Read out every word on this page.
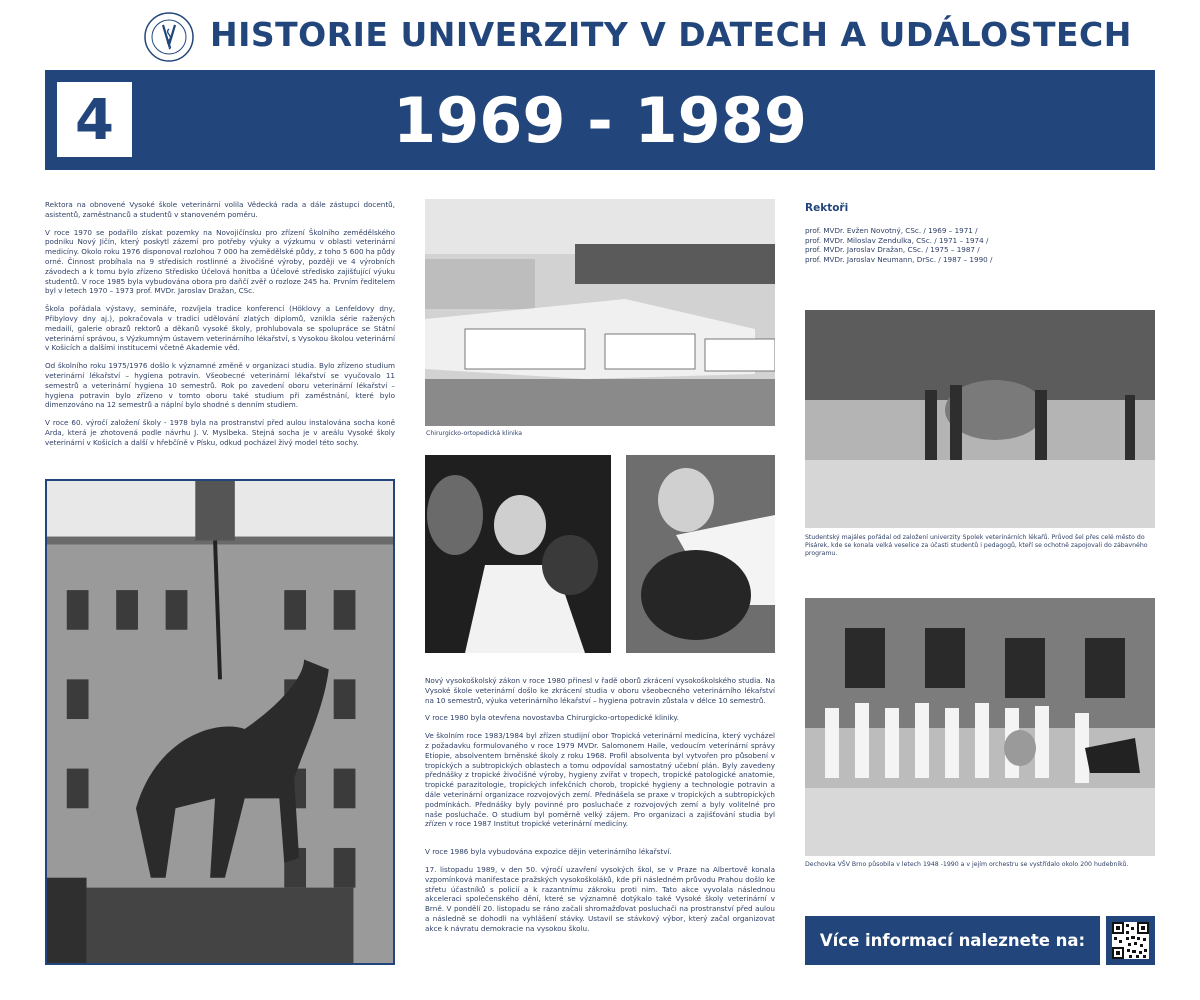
HISTORIE UNIVERZITY V DATECH A UDÁLOSTECH
4	1969 - 1989

Rektora na obnovené Vysoké škole veterinární volila Vědecká rada a dále zástupci docentů, asistentů, zaměstnanců a studentů v stanoveném poměru.

V roce 1970 se podařilo získat pozemky na Novojičínsku pro zřízení Školního zemědělského podniku Nový Jičín, který poskytl zázemí pro potřeby výuky a výzkumu v oblasti veterinární medicíny. Okolo roku 1976 disponoval rozlohou 7 000 ha zemědělské půdy, z toho 5 600 ha půdy orné. Činnost probíhala na 9 středisích rostlinné a živočišné výroby, později ve 4 výrobních závodech a k tomu bylo zřízeno Středisko Účelová honitba a Účelové středisko zajišťující výuku studentů. V roce 1985 byla vybudována obora pro daňčí zvěř o rozloze 245 ha. Prvním ředitelem byl v letech 1970 – 1973 prof. MVDr. Jaroslav Dražan, CSc.

Škola pořádala výstavy, semináře, rozvíjela tradice konferencí (Höklovy a Lenfeldovy dny, Přibylovy dny aj.), pokračovala v tradici udělování zlatých diplomů, vznikla série ražených medailí, galerie obrazů rektorů a děkanů vysoké školy, prohlubovala se spolupráce se Státní veterinární správou, s Výzkumným ústavem veterinárního lékařství, s Vysokou školou veterinární v Košicích a dalšími institucemi včetně Akademie věd.

Od školního roku 1975/1976 došlo k významné změně v organizaci studia. Bylo zřízeno studium veterinární lékařství – hygiena potravin. Všeobecné veterinární lékařství se vyučovalo 11 semestrů a veterinární hygiena 10 semestrů. Rok po zavedení oboru veterinární lékařství – hygiena potravin bylo zřízeno v tomto oboru také studium při zaměstnání, které bylo dimenzováno na 12 semestrů a náplní bylo shodné s denním studiem.

V roce 60. výročí založení školy - 1978 byla na prostranství před aulou instalována socha koně Arda, která je zhotovená podle návrhu J. V. Myslbeka. Stejná socha je v areálu Vysoké školy veterinární v Košicích a další v hřebčíně v Písku, odkud pocházel živý model této sochy.

Chirurgicko-ortopedická klinika

Nový vysokoškolský zákon v roce 1980 přinesl v řadě oborů zkrácení vysokoškolského studia. Na Vysoké škole veterinární došlo ke zkrácení studia v oboru všeobecného veterinárního lékařství na 10 semestrů, výuka veterinárního lékařství – hygiena potravin zůstala v délce 10 semestrů.

V roce 1980 byla otevřena novostavba Chirurgicko-ortopedické kliniky.

Ve školním roce 1983/1984 byl zřízen studijní obor Tropická veterinární medicína, který vycházel z požadavku formulovaného v roce 1979 MVDr. Salomonem Haile, vedoucím veterinární správy Etiopie, absolventem brněnské školy z roku 1968. Profil absolventa byl vytvořen pro působení v tropických a subtropických oblastech a tomu odpovídal samostatný učební plán. Byly zavedeny přednášky z tropické živočišné výroby, hygieny zvířat v tropech, tropické patologické anatomie, tropické parazitologie, tropických infekčních chorob, tropické hygieny a technologie potravin a dále veterinární organizace rozvojových zemí. Přednášela se praxe v tropických a subtropických podmínkách. Přednášky byly povinné pro posluchače z rozvojových zemí a byly volitelné pro naše posluchače. O studium byl poměrně velký zájem. Pro organizaci a zajišťování studia byl zřízen v roce 1987 Institut tropické veterinární medicíny.

V roce 1986 byla vybudována expozice dějin veterinárního lékařství.

17. listopadu 1989, v den 50. výročí uzavření vysokých škol, se v Praze na Albertově konala vzpomínková manifestace pražských vysokoškoláků, kde při následném průvodu Prahou došlo ke střetu účastníků s policií a k razantnímu zákroku proti nim. Tato akce vyvolala následnou akceleraci společenského dění, které se významně dotýkalo také Vysoké školy veterinární v Brně. V pondělí 20. listopadu se ráno začali shromažďovat posluchači na prostranství před aulou a následně se dohodli na vyhlášení stávky. Ustavil se stávkový výbor, který začal organizovat akce k návratu demokracie na vysokou školu.

Rektoři
prof. MVDr. Evžen Novotný, CSc. / 1969 – 1971 /
prof. MVDr. Miloslav Zendulka, CSc. / 1971 – 1974 /
prof. MVDr. Jaroslav Dražan, CSc. / 1975 – 1987 /
prof. MVDr. Jaroslav Neumann, DrSc. / 1987 – 1990 /
Studentský majáles pořádal od založení univerzity Spolek veterinárních lékařů. Průvod šel přes celé město do Pisárek, kde se konala velká veselice za účasti studentů i pedagogů, kteří se ochotně zapojovali do zábavného programu.
Dechovka VŠV Brno působila v letech 1948 -1990 a v jejím orchestru se vystřídalo okolo 200 hudebníků.
Více informací naleznete na:
